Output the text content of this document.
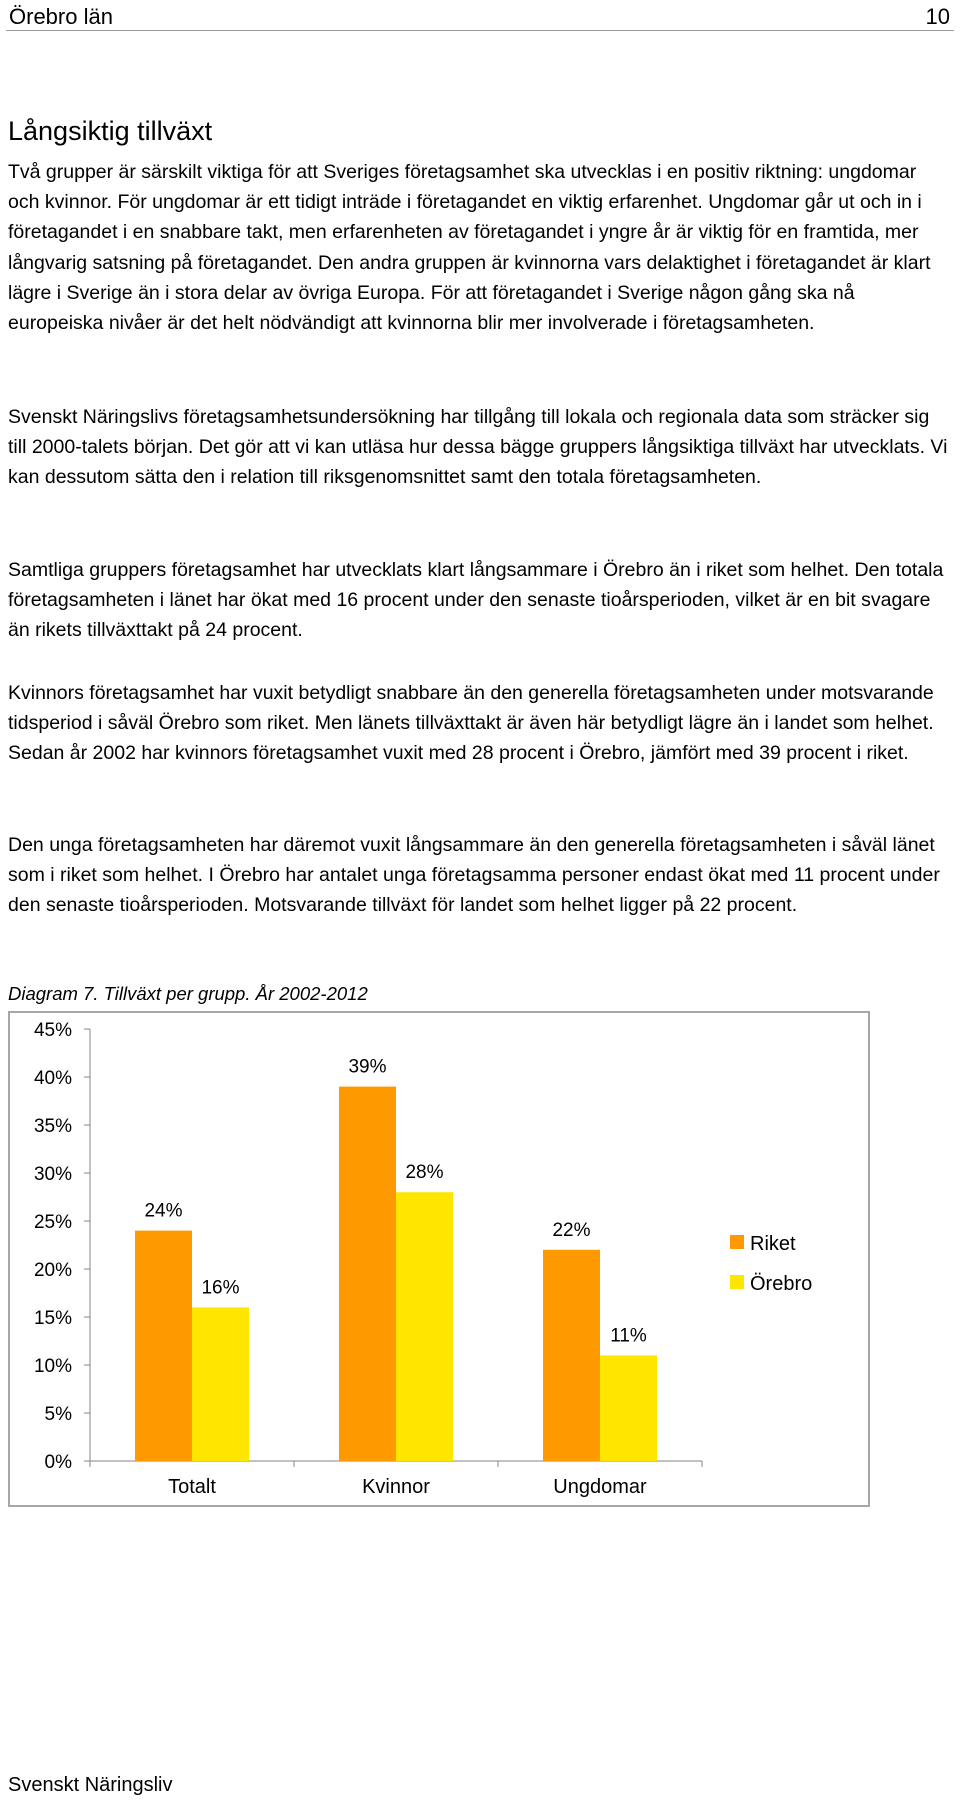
Örebro län	10
Långsiktig tillväxt

Två grupper är särskilt viktiga för att Sveriges företagsamhet ska utvecklas i en positiv riktning: ungdomar och kvinnor. För ungdomar är ett tidigt inträde i företagandet en viktig erfarenhet. Ungdomar går ut och in i företagandet i en snabbare takt, men erfarenheten av företagandet i yngre år är viktig för en framtida, mer långvarig satsning på företagandet. Den andra gruppen är kvinnorna vars delaktighet i företagandet är klart lägre i Sverige än i stora delar av övriga Europa. För att företagandet i Sverige någon gång ska nå europeiska nivåer är det helt nödvändigt att kvinnorna blir mer involverade i företagsamheten.

Svenskt Näringslivs företagsamhetsundersökning har tillgång till lokala och regionala data som sträcker sig till 2000-talets början. Det gör att vi kan utläsa hur dessa bägge gruppers långsiktiga tillväxt har utvecklats. Vi kan dessutom sätta den i relation till riksgenomsnittet samt den totala företagsamheten.

Samtliga gruppers företagsamhet har utvecklats klart långsammare i Örebro än i riket som helhet. Den totala företagsamheten i länet har ökat med 16 procent under den senaste tioårsperioden, vilket är en bit svagare än rikets tillväxttakt på 24 procent.

Kvinnors företagsamhet har vuxit betydligt snabbare än den generella företagsamheten under motsvarande tidsperiod i såväl Örebro som riket. Men länets tillväxttakt är även här betydligt lägre än i landet som helhet. Sedan år 2002 har kvinnors företagsamhet vuxit med 28 procent i Örebro, jämfört med 39 procent i riket.

Den unga företagsamheten har däremot vuxit långsammare än den generella företagsamheten i såväl länet som i riket som helhet. I Örebro har antalet unga företagsamma personer endast ökat med 11 procent under den senaste tioårsperioden. Motsvarande tillväxt för landet som helhet ligger på 22 procent.

Diagram 7. Tillväxt per grupp. År 2002-2012
0%
5%
10%
15%
20%
25%
30%
35%
40%
45%
24%
16%
Totalt
39%
28%
Kvinnor
22%
11%
Ungdomar
Riket
Örebro
Svenskt Näringsliv
